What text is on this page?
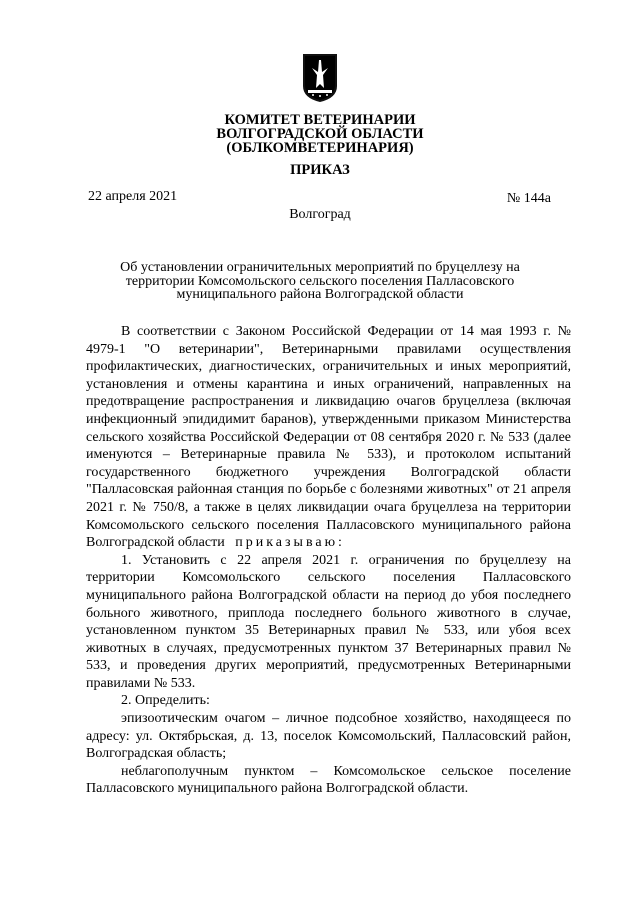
КОМИТЕТ ВЕТЕРИНАРИИ
ВОЛГОГРАДСКОЙ ОБЛАСТИ
(ОБЛКОМВЕТЕРИНАРИЯ)
ПРИКАЗ
22 апреля 2021	№ 144а
Волгоград
Об установлении ограничительных мероприятий по бруцеллезу на территории Комсомольского сельского поселения Палласовского муниципального района Волгоградской области

В соответствии с Законом Российской Федерации от 14 мая 1993 г. № 4979-1 "О ветеринарии", Ветеринарными правилами осуществления профилактических, диагностических, ограничительных и иных мероприятий, установления и отмены карантина и иных ограничений, направленных на предотвращение распространения и ликвидацию очагов бруцеллеза (включая инфекционный эпидидимит баранов), утвержденными приказом Министерства сельского хозяйства Российской Федерации от 08 сентября 2020 г. № 533 (далее именуются – Ветеринарные правила № 533), и протоколом испытаний государственного бюджетного учреждения Волгоградской области "Палласовская районная станция по борьбе с болезнями животных" от 21 апреля 2021 г. № 750/8, а также в целях ликвидации очага бруцеллеза на территории Комсомольского сельского поселения Палласовского муниципального района Волгоградской области приказываю:

1. Установить с 22 апреля 2021 г. ограничения по бруцеллезу на территории Комсомольского сельского поселения Палласовского муниципального района Волгоградской области на период до убоя последнего больного животного, приплода последнего больного животного в случае, установленном пунктом 35 Ветеринарных правил № 533, или убоя всех животных в случаях, предусмотренных пунктом 37 Ветеринарных правил № 533, и проведения других мероприятий, предусмотренных Ветеринарными правилами № 533.

2. Определить:

эпизоотическим очагом – личное подсобное хозяйство, находящееся по адресу: ул. Октябрьская, д. 13, поселок Комсомольский, Палласовский район, Волгоградская область;

неблагополучным пунктом – Комсомольское сельское поселение Палласовского муниципального района Волгоградской области.
